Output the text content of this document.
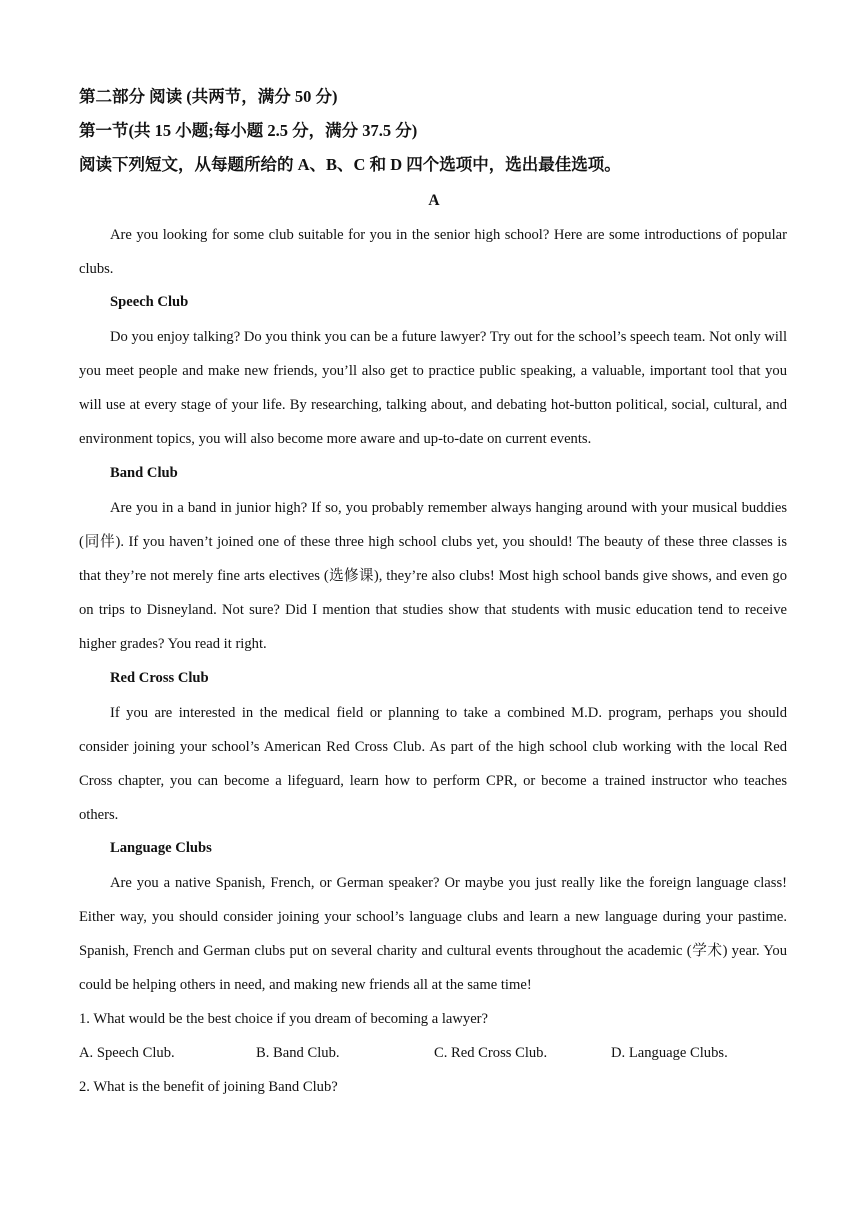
第二部分 阅读 (共两节，满分 50 分)
第一节(共 15 小题;每小题 2.5 分，满分 37.5 分)
阅读下列短文，从每题所给的 A、B、C 和 D 四个选项中，选出最佳选项。
A

Are you looking for some club suitable for you in the senior high school? Here are some introductions of popular clubs.

Speech Club

Do you enjoy talking? Do you think you can be a future lawyer? Try out for the school’s speech team. Not only will you meet people and make new friends, you’ll also get to practice public speaking, a valuable, important tool that you will use at every stage of your life. By researching, talking about, and debating hot-button political, social, cultural, and environment topics, you will also become more aware and up-to-date on current events.

Band Club

Are you in a band in junior high? If so, you probably remember always hanging around with your musical buddies (同伴). If you haven’t joined one of these three high school clubs yet, you should! The beauty of these three classes is that they’re not merely fine arts electives (选修课), they’re also clubs! Most high school bands give shows, and even go on trips to Disneyland. Not sure? Did I mention that studies show that students with music education tend to receive higher grades? You read it right.

Red Cross Club

If you are interested in the medical field or planning to take a combined M.D. program, perhaps you should consider joining your school’s American Red Cross Club. As part of the high school club working with the local Red Cross chapter, you can become a lifeguard, learn how to perform CPR, or become a trained instructor who teaches others.

Language Clubs

Are you a native Spanish, French, or German speaker? Or maybe you just really like the foreign language class! Either way, you should consider joining your school’s language clubs and learn a new language during your pastime. Spanish, French and German clubs put on several charity and cultural events throughout the academic (学术) year. You could be helping others in need, and making new friends all at the same time!

1. What would be the best choice if you dream of becoming a lawyer?
A. Speech Club.	B. Band Club.	C. Red Cross Club.	D. Language Clubs.
2. What is the benefit of joining Band Club?
